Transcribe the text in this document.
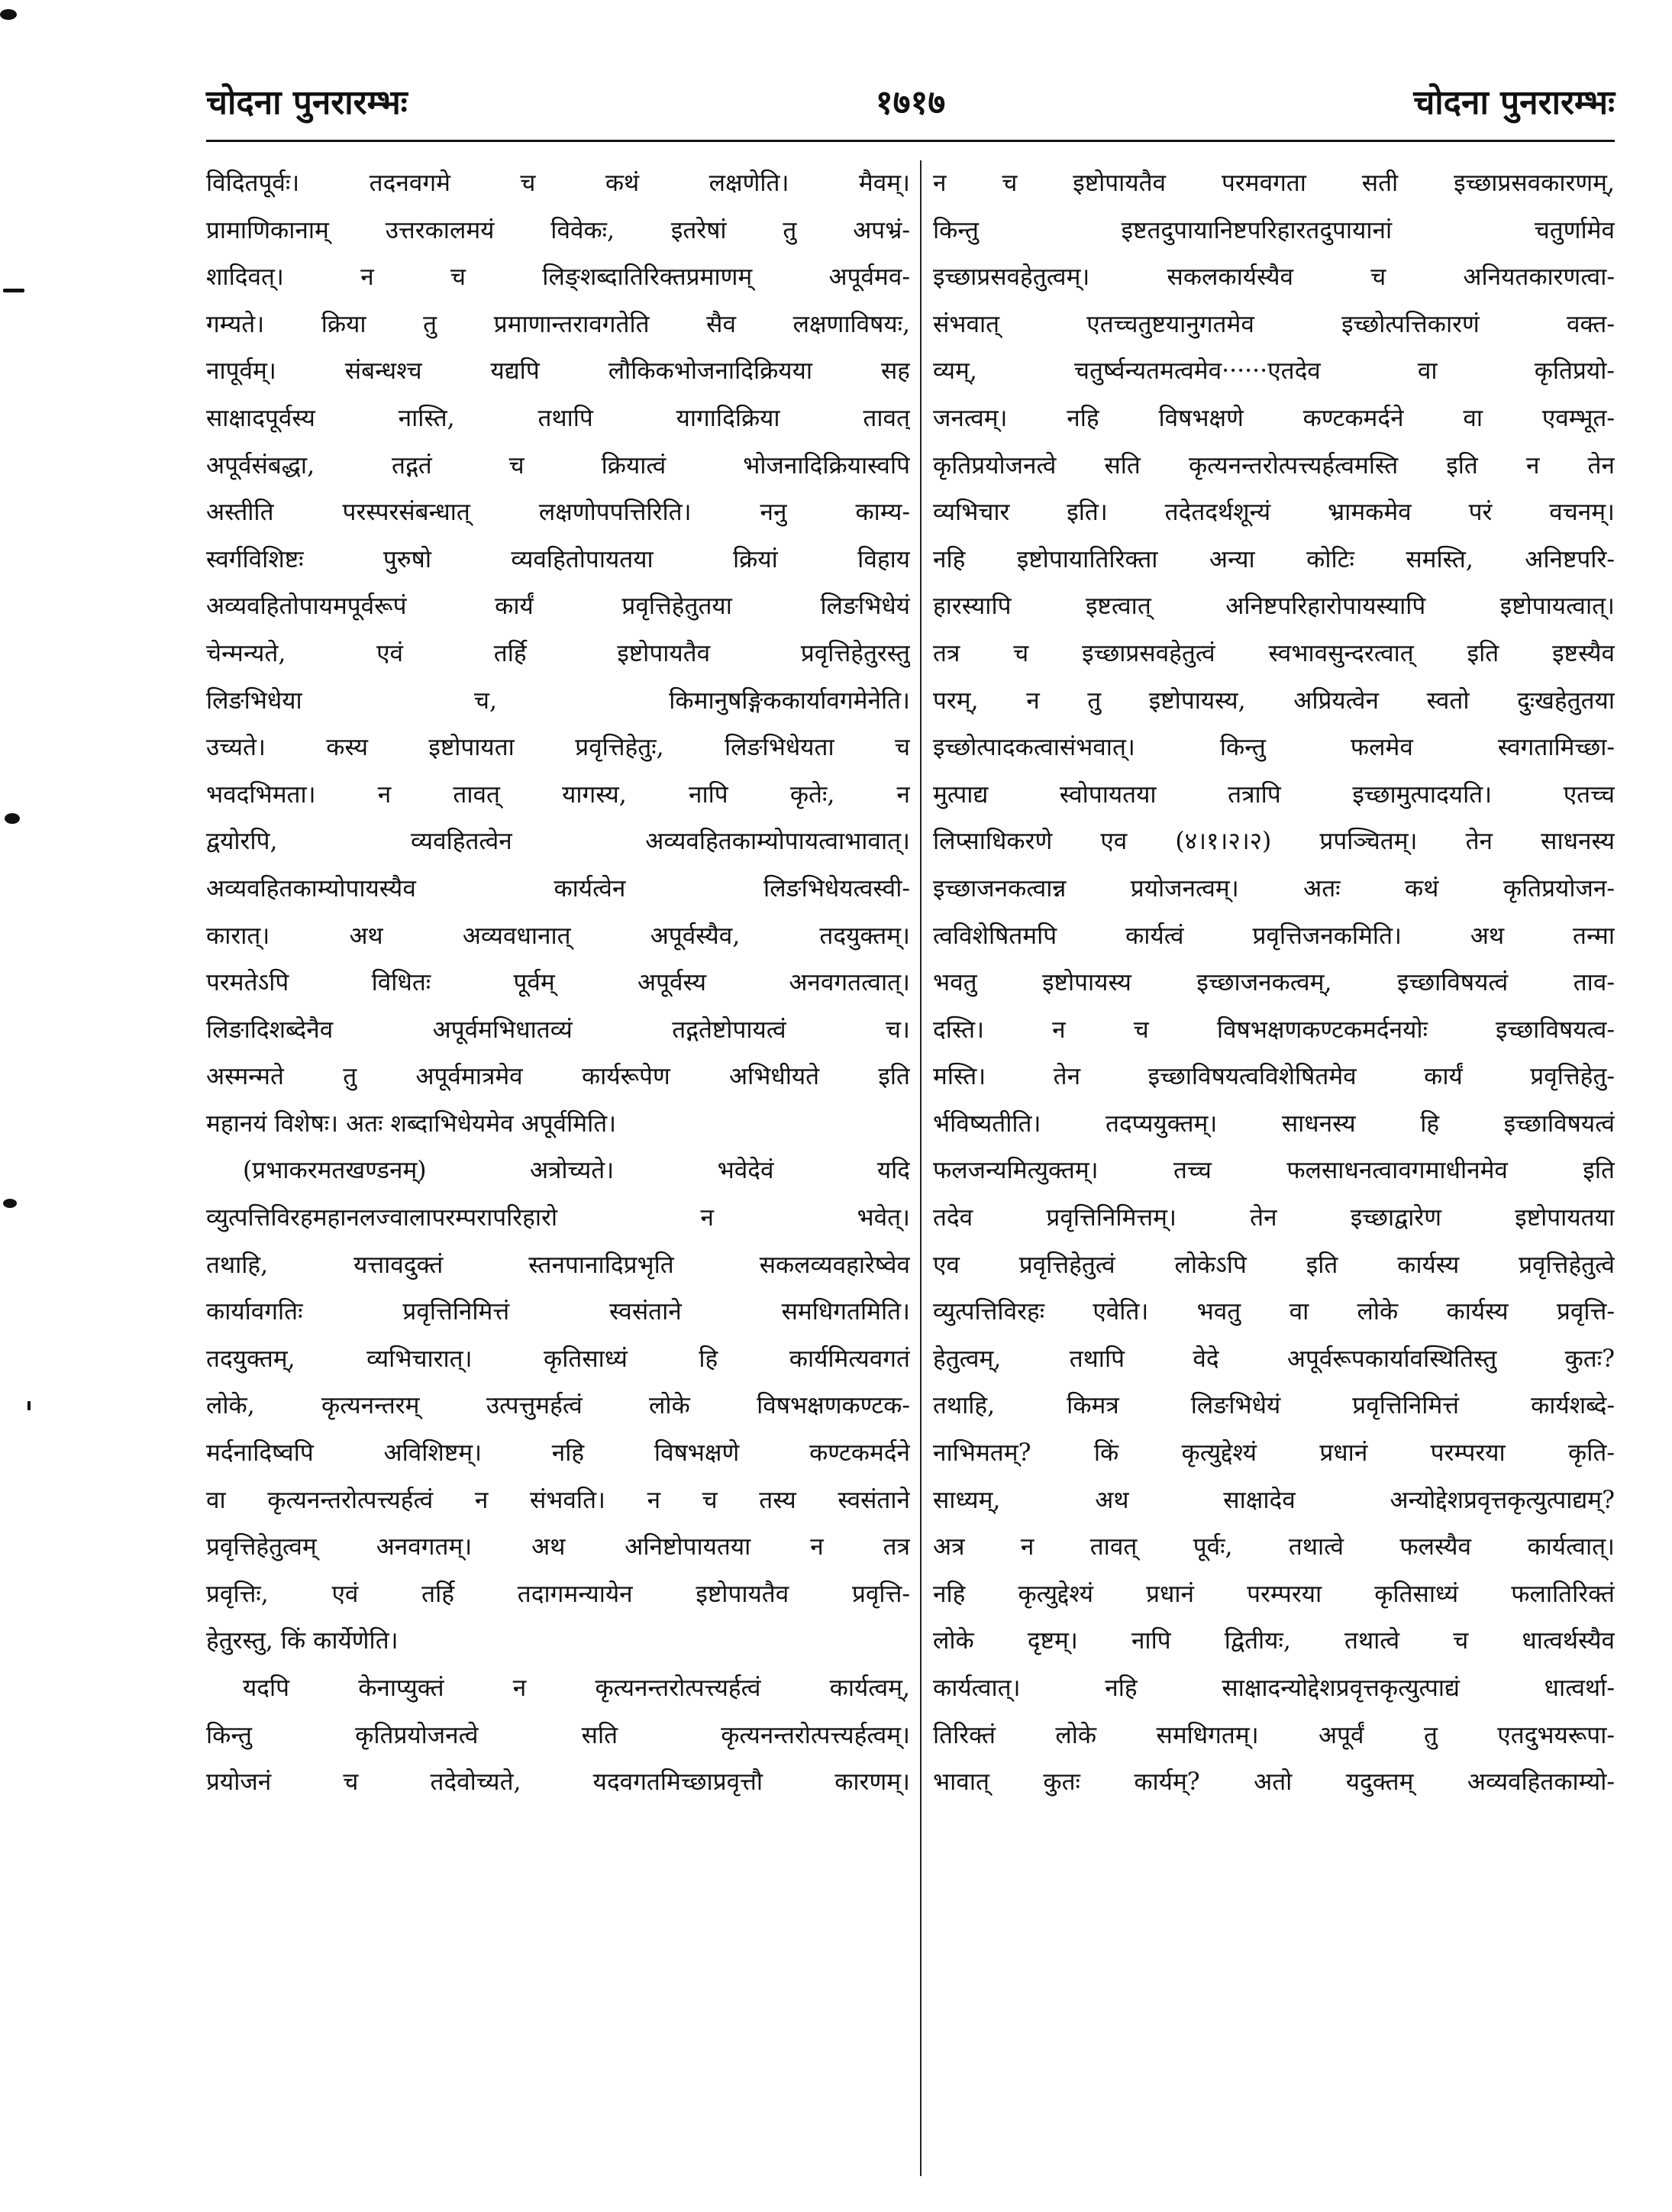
चोदना पुनरारम्भः	१७१७	चोदना पुनरारम्भः
विदितपूर्वः। तदनवगमे च कथं लक्षणेति। मैवम्।
प्रामाणिकानाम् उत्तरकालमयं विवेकः, इतरेषां तु अपभ्रं-
शादिवत्। न च लिङ्शब्दातिरिक्तप्रमाणम् अपूर्वमव-
गम्यते। क्रिया तु प्रमाणान्तरावगतेति सैव लक्षणाविषयः,
नापूर्वम्। संबन्धश्च यद्यपि लौकिकभोजनादिक्रियया सह
साक्षादपूर्वस्य नास्ति, तथापि यागादिक्रिया तावत्
अपूर्वसंबद्धा, तद्गतं च क्रियात्वं भोजनादिक्रियास्वपि
अस्तीति परस्परसंबन्धात् लक्षणोपपत्तिरिति। ननु काम्य-
स्वर्गविशिष्टः पुरुषो व्यवहितोपायतया क्रियां विहाय
अव्यवहितोपायमपूर्वरूपं कार्यं प्रवृत्तिहेतुतया लिङभिधेयं
चेन्मन्यते, एवं तर्हि इष्टोपायतैव प्रवृत्तिहेतुरस्तु
लिङभिधेया च, किमानुषङ्गिककार्यावगमेनेति।
उच्यते। कस्य इष्टोपायता प्रवृत्तिहेतुः, लिङभिधेयता च
भवदभिमता। न तावत् यागस्य, नापि कृतेः, न
द्वयोरपि, व्यवहितत्वेन अव्यवहितकाम्योपायत्वाभावात्।
अव्यवहितकाम्योपायस्यैव कार्यत्वेन लिङभिधेयत्वस्वी-
कारात्। अथ अव्यवधानात् अपूर्वस्यैव, तदयुक्तम्।
परमतेऽपि विधितः पूर्वम् अपूर्वस्य अनवगतत्वात्।
लिङादिशब्देनैव अपूर्वमभिधातव्यं तद्गतेष्टोपायत्वं च।
अस्मन्मते तु अपूर्वमात्रमेव कार्यरूपेण अभिधीयते इति
महानयं विशेषः। अतः शब्दाभिधेयमेव अपूर्वमिति।
(प्रभाकरमतखण्डनम्) अत्रोच्यते। भवेदेवं यदि
व्युत्पत्तिविरहमहानलज्वालापरम्परापरिहारो न भवेत्।
तथाहि, यत्तावदुक्तं स्तनपानादिप्रभृति सकलव्यवहारेष्वेव
कार्यावगतिः प्रवृत्तिनिमित्तं स्वसंताने समधिगतमिति।
तदयुक्तम्, व्यभिचारात्। कृतिसाध्यं हि कार्यमित्यवगतं
लोके, कृत्यनन्तरम् उत्पत्तुमर्हत्वं लोके विषभक्षणकण्टक-
मर्दनादिष्वपि अविशिष्टम्। नहि विषभक्षणे कण्टकमर्दने
वा कृत्यनन्तरोत्पत्त्यर्हत्वं न संभवति। न च तस्य स्वसंताने
प्रवृत्तिहेतुत्वम् अनवगतम्। अथ अनिष्टोपायतया न तत्र
प्रवृत्तिः, एवं तर्हि तदागमन्यायेन इष्टोपायतैव प्रवृत्ति-
हेतुरस्तु, किं कार्येणेति।
यदपि केनाप्युक्तं न कृत्यनन्तरोत्पत्त्यर्हत्वं कार्यत्वम्,
किन्तु कृतिप्रयोजनत्वे सति कृत्यनन्तरोत्पत्त्यर्हत्वम्।
प्रयोजनं च तदेवोच्यते, यदवगतमिच्छाप्रवृत्तौ कारणम्।
न च इष्टोपायतैव परमवगता सती इच्छाप्रसवकारणम्,
किन्तु इष्टतदुपायानिष्टपरिहारतदुपायानां चतुर्णामेव
इच्छाप्रसवहेतुत्वम्। सकलकार्यस्यैव च अनियतकारणत्वा-
संभवात् एतच्चतुष्टयानुगतमेव इच्छोत्पत्तिकारणं वक्त-
व्यम्, चतुर्ष्वन्यतमत्वमेव······एतदेव वा कृतिप्रयो-
जनत्वम्। नहि विषभक्षणे कण्टकमर्दने वा एवम्भूत-
कृतिप्रयोजनत्वे सति कृत्यनन्तरोत्पत्त्यर्हत्वमस्ति इति न तेन
व्यभिचार इति। तदेतदर्थशून्यं भ्रामकमेव परं वचनम्।
नहि इष्टोपायातिरिक्ता अन्या कोटिः समस्ति, अनिष्टपरि-
हारस्यापि इष्टत्वात् अनिष्टपरिहारोपायस्यापि इष्टोपायत्वात्।
तत्र च इच्छाप्रसवहेतुत्वं स्वभावसुन्दरत्वात् इति इष्टस्यैव
परम्, न तु इष्टोपायस्य, अप्रियत्वेन स्वतो दुःखहेतुतया
इच्छोत्पादकत्वासंभवात्। किन्तु फलमेव स्वगतामिच्छा-
मुत्पाद्य स्वोपायतया तत्रापि इच्छामुत्पादयति। एतच्च
लिप्साधिकरणे एव (४।१।२।२) प्रपञ्चितम्। तेन साधनस्य
इच्छाजनकत्वान्न प्रयोजनत्वम्। अतः कथं कृतिप्रयोजन-
त्वविशेषितमपि कार्यत्वं प्रवृत्तिजनकमिति। अथ तन्मा
भवतु इष्टोपायस्य इच्छाजनकत्वम्, इच्छाविषयत्वं ताव-
दस्ति। न च विषभक्षणकण्टकमर्दनयोः इच्छाविषयत्व-
मस्ति। तेन इच्छाविषयत्वविशेषितमेव कार्यं प्रवृत्तिहेतु-
र्भविष्यतीति। तदप्ययुक्तम्। साधनस्य हि इच्छाविषयत्वं
फलजन्यमित्युक्तम्। तच्च फलसाधनत्वावगमाधीनमेव इति
तदेव प्रवृत्तिनिमित्तम्। तेन इच्छाद्वारेण इष्टोपायतया
एव प्रवृत्तिहेतुत्वं लोकेऽपि इति कार्यस्य प्रवृत्तिहेतुत्वे
व्युत्पत्तिविरहः एवेति। भवतु वा लोके कार्यस्य प्रवृत्ति-
हेतुत्वम्, तथापि वेदे अपूर्वरूपकार्यावस्थितिस्तु कुतः?
तथाहि, किमत्र लिङभिधेयं प्रवृत्तिनिमित्तं कार्यशब्दे-
नाभिमतम्? किं कृत्युद्देश्यं प्रधानं परम्परया कृति-
साध्यम्, अथ साक्षादेव अन्योद्देशप्रवृत्तकृत्युत्पाद्यम्?
अत्र न तावत् पूर्वः, तथात्वे फलस्यैव कार्यत्वात्।
नहि कृत्युद्देश्यं प्रधानं परम्परया कृतिसाध्यं फलातिरिक्तं
लोके दृष्टम्। नापि द्वितीयः, तथात्वे च धात्वर्थस्यैव
कार्यत्वात्। नहि साक्षादन्योद्देशप्रवृत्तकृत्युत्पाद्यं धात्वर्था-
तिरिक्तं लोके समधिगतम्। अपूर्वं तु एतदुभयरूपा-
भावात् कुतः कार्यम्? अतो यदुक्तम् अव्यवहितकाम्यो-
